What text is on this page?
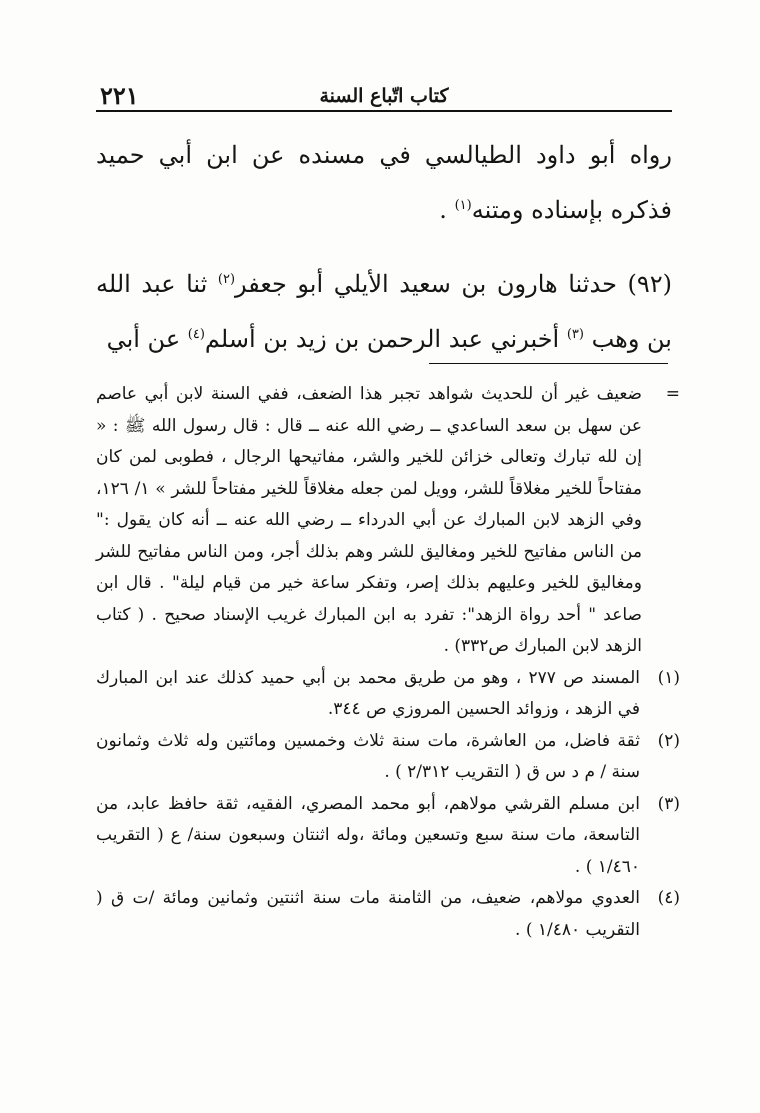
٢٢١	كتاب اتّباع السنة

رواه أبو داود الطيالسي في مسنده عن ابن أبي حميد فذكره بإسناده ومتنه$^{(١)}$ .

(٩٢) حدثنا هارون بن سعيد الأيلي أبو جعفر$^{(٢)}$ ثنا عبد الله بن وهب $^{(٣)}$ أخبرني عبد الرحمن بن زيد بن أسلم$^{(٤)}$ عن أبي

=
ضعيف غير أن للحديث شواهد تجبر هذا الضعف، ففي السنة لابن أبي عاصم عن سهل بن سعد الساعدي ــ رضي الله عنه ــ قال : قال رسول الله ﷺ : « إن لله تبارك وتعالى خزائن للخير والشر، مفاتيحها الرجال ، فطوبى لمن كان مفتاحاً للخير مغلاقاً للشر، وويل لمن جعله مغلاقاً للخير مفتاحاً للشر » ١/ ١٢٦، وفي الزهد لابن المبارك عن أبي الدرداء ــ رضي الله عنه ــ أنه كان يقول :" من الناس مفاتيح للخير ومغاليق للشر وهم بذلك أجر، ومن الناس مفاتيح للشر ومغاليق للخير وعليهم بذلك إصر، وتفكر ساعة خير من قيام ليلة" . قال ابن صاعد " أحد رواة الزهد": تفرد به ابن المبارك غريب الإسناد صحيح . ( كتاب الزهد لابن المبارك ص٣٣٢) .

(١)
المسند ص ٢٧٧ ، وهو من طريق محمد بن أبي حميد كذلك عند ابن المبارك في الزهد ، وزوائد الحسين المروزي ص ٣٤٤.

(٢)
ثقة فاضل، من العاشرة، مات سنة ثلاث وخمسين ومائتين وله ثلاث وثمانون سنة / م د س ق ( التقريب ٢/٣١٢ ) .

(٣)
ابن مسلم القرشي مولاهم، أبو محمد المصري، الفقيه، ثقة حافظ عابد، من التاسعة، مات سنة سبع وتسعين ومائة ،وله اثنتان وسبعون سنة/ ع ( التقريب ١/٤٦٠ ) .

(٤)
العدوي مولاهم، ضعيف، من الثامنة مات سنة اثنتين وثمانين ومائة /ت ق ( التقريب ١/٤٨٠ ) .
